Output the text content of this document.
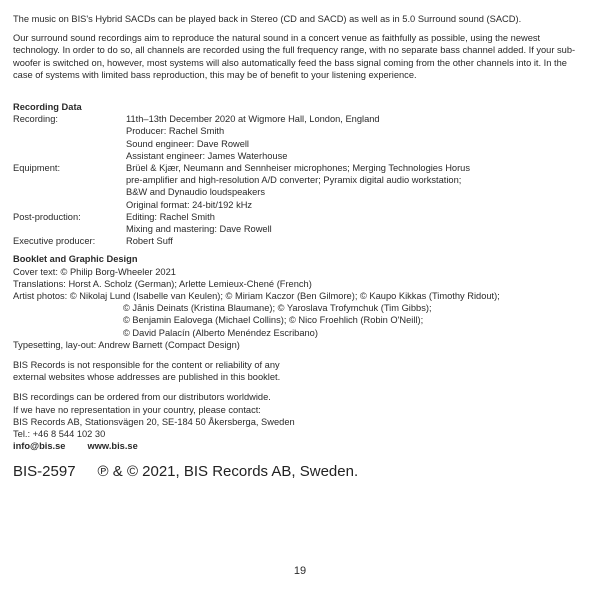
The music on BIS's Hybrid SACDs can be played back in Stereo (CD and SACD) as well as in 5.0 Surround sound (SACD).

Our surround sound recordings aim to reproduce the natural sound in a concert venue as faithfully as possible, using the newest technology. In order to do so, all channels are recorded using the full frequency range, with no separate bass channel added. If your sub-woofer is switched on, however, most systems will also automatically feed the bass signal coming from the other channels into it. In the case of systems with limited bass reproduction, this may be of benefit to your listening experience.

Recording Data

Recording:	11th–13th December 2020 at Wigmore Hall, London, England
Producer: Rachel Smith
Sound engineer: Dave Rowell
Assistant engineer: James Waterhouse
Equipment:	Brüel & Kjær, Neumann and Sennheiser microphones; Merging Technologies Horus
pre-amplifier and high-resolution A/D converter; Pyramix digital audio workstation;
B&W and Dynaudio loudspeakers
Original format: 24-bit/192 kHz
Post-production:	Editing: Rachel Smith
Mixing and mastering: Dave Rowell
Executive producer:	Robert Suff

Booklet and Graphic Design

Cover text: © Philip Borg-Wheeler 2021

Translations: Horst A. Scholz (German); Arlette Lemieux-Chené (French)

Artist photos:
© Nikolaj Lund (Isabelle van Keulen); © Miriam Kaczor (Ben Gilmore); © Kaupo Kikkas (Timothy Ridout);
© Jānis Deinats (Kristina Blaumane); © Yaroslava Trofymchuk (Tim Gibbs);
© Benjamin Ealovega (Michael Collins); © Nico Froehlich (Robin O'Neill);
© David Palacín (Alberto Menéndez Escribano)

Typesetting, lay-out: Andrew Barnett (Compact Design)

BIS Records is not responsible for the content or reliability of any
external websites whose addresses are published in this booklet.
BIS recordings can be ordered from our distributors worldwide.
If we have no representation in your country, please contact:
BIS Records AB, Stationsvägen 20, SE-184 50 Åkersberga, Sweden
Tel.: +46 8 544 102 30
info@bis.se www.bis.se
BIS-2597 ℗ & © 2021, BIS Records AB, Sweden.
19
